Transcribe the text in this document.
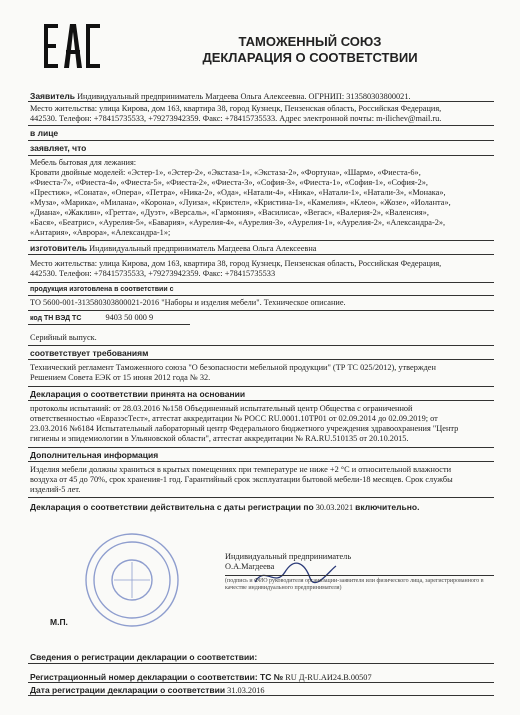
ТАМОЖЕННЫЙ СОЮЗ
ДЕКЛАРАЦИЯ О СООТВЕТСТВИИ
Заявитель Индивидуальный предприниматель Магдеева Ольга Алексеевна. ОГРНИП: 313580303800021.
Место жительства: улица Кирова, дом 163, квартира 38, город Кузнецк, Пензенская область, Российская Федерация,
442530. Телефон: +78415735533, +79273942359. Факс: +78415735533. Адрес электронной почты: m-ilichev@mail.ru.
в лице
заявляет, что
Мебель бытовая для лежания:
Кровати двойные моделей: «Эстер-1», «Эстер-2», «Экстаза-1», «Экстаза-2», «Фортуна», «Шарм», «Фиеста-6»,
«Фиеста-7», «Фиеста-4», «Фиеста-5», «Фиеста-2», «Фиеста-3», «София-3», «Фиеста-1», «София-1», «София-2»,
«Престиж», «Соната», «Опера», «Петра», «Ника-2», «Ода», «Натали-4», «Ника», «Натали-1», «Натали-3», «Монака»,
«Муза», «Марика», «Милана», «Корона», «Луиза», «Кристел», «Кристина-1», «Камелия», «Клео», «Жозе», «Иоланта»,
«Диана», «Жаклин», «Гретта», «Дуэт», «Версаль», «Гармония», «Василиса», «Вегас», «Валерия-2», «Валенсия»,
«Бася», «Беатрис», «Аурелия-5», «Бавария», «Аурелия-4», «Аурелия-3», «Аурелия-1», «Аурелия-2», «Александра-2»,
«Антария», «Аврора», «Александра-1»;
изготовитель Индивидуальный предприниматель Магдеева Ольга Алексеевна
Место жительства: улица Кирова, дом 163, квартира 38, город Кузнецк, Пензенская область, Российская Федерация,
442530. Телефон: +78415735533, +79273942359. Факс: +78415735533
продукция изготовлена в соответствии с
ТО 5600-001-313580303800021-2016 "Наборы и изделия мебели". Техническое описание.
код ТН ВЭД ТС	9403 50 000 9
Серийный выпуск.
соответствует требованиям
Технический регламент Таможенного союза "О безопасности мебельной продукции" (ТР ТС 025/2012), утвержден
Решением Совета ЕЭК от 15 июня 2012 года № 32.
Декларация о соответствии принята на основании
протоколы испытаний: от 28.03.2016 №158 Объединенный испытательный центр Общества с ограниченной
ответственностью «ЕвразэсТест», аттестат аккредитации № РОСС RU.0001.10ТР01 от 02.09.2014 до 02.09.2019; от
23.03.2016 №6184 Испытательный лабораторный центр Федерального бюджетного учреждения здравоохранения "Центр
гигиены и эпидемиологии в Ульяновской области", аттестат аккредитации № RA.RU.510135 от 20.10.2015.
Дополнительная информация
Изделия мебели должны храниться в крытых помещениях при температуре не ниже +2 °С и относительной влажности
воздуха от 45 до 70%, срок хранения-1 год. Гарантийный срок эксплуатации бытовой мебели-18 месяцев. Срок службы
изделий-5 лет.
Декларация о соответствии действительна с даты регистрации по 30.03.2021 включительно.
Индивидуальный предприниматель
О.А.Магдеева
(подпись и ФИО руководителя организации-заявителя или физического лица, зарегистрированного в качестве индивидуального предпринимателя)
М.П.
Сведения о регистрации декларации о соответствии:
Регистрационный номер декларации о соответствии: ТС № RU Д-RU.АИ24.В.00507
Дата регистрации декларации о соответствии 31.03.2016
